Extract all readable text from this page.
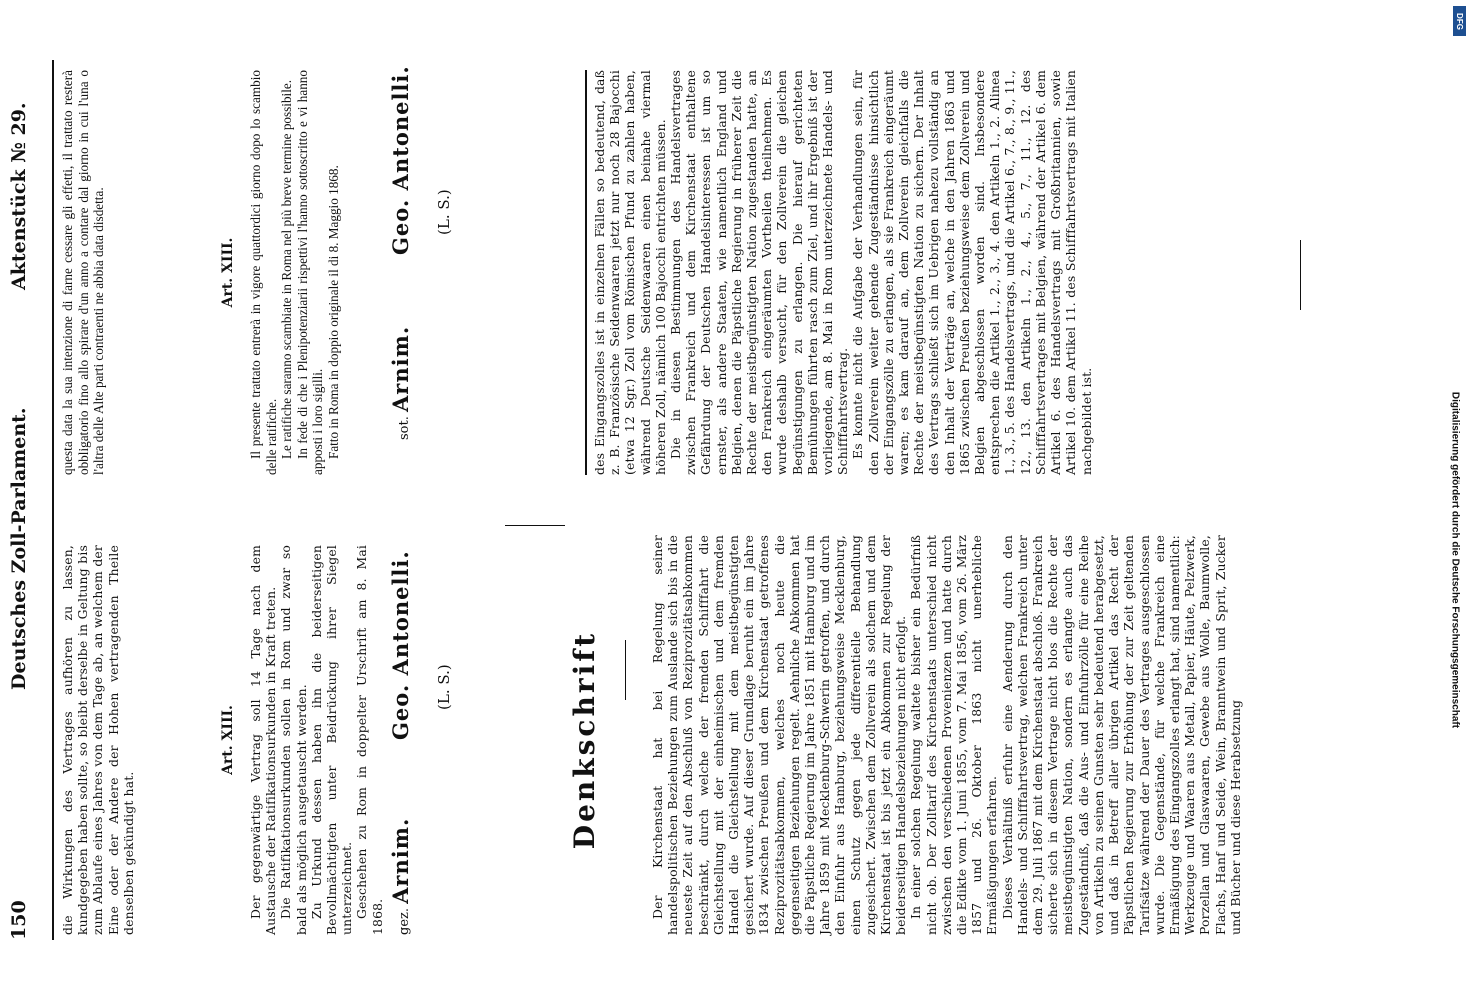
150
Deutsches Zoll-Parlament.
Aktenstück № 29.

die Wirkungen des Vertrages aufhören zu lassen, kundgegeben haben sollte, so bleibt derselbe in Geltung bis zum Ablaufe eines Jahres von dem Tage ab, an welchem der Eine oder der Andere der Hohen vertragenden Theile denselben gekündigt hat.

Art. XIII. Der gegenwärtige Vertrag soll 14 Tage nach dem Austausche der Ratifikationsurkunden in Kraft treten. Die Ratifikationsurkunden sollen in Rom und zwar so bald als möglich ausgetauscht werden. Zu Urkund dessen haben ihn die beiderseitigen Bevollmächtigten unter Beidrückung ihrer Siegel unterzeichnet. Geschehen zu Rom in doppelter Urschrift am 8. Mai 1868. gez. Arnim.
Geo. Antonelli. (L. S.)

questa data la sua intenzione di farne cessare gli effetti, il trattato resterà obbligatorio fino allo spirare d'un anno a contare dal giorno in cui l'una o l'altra delle Alte parti contraenti ne abbia data disdetta.	Art. XIII. Il presente trattato entrerà in vigore quattordici giorno dopo lo scambio delle ratifiche. Le ratifiche saranno scambiate in Roma nel più breve termine possibile. In fede di che i Plenipotenziarii rispettivi l'hanno sottoscritto e vi hanno apposti i loro sigilli. Fatto in Roma in doppio originale il di 8. Maggio 1868.	sot. Arnim.
Geo. Antonelli. (L. S.)
Denkschrift	Der Kirchenstaat hat bei Regelung seiner handelspolitischen Beziehungen zum Auslande sich bis in die neueste Zeit auf den Abschluß von Reziprozitätsabkommen beschränkt, durch welche der fremden Schifffahrt die Gleichstellung mit der einheimischen und dem fremden Handel die Gleichstellung mit dem meistbegünstigten gesichert wurde. Auf dieser Grundlage beruht ein im Jahre 1834 zwischen Preußen und dem Kirchenstaat getroffenes Reziprozitätsabkommen, welches noch heute die gegenseitigen Beziehungen regelt. Aehnliche Abkommen hat die Päpstliche Regierung im Jahre 1851 mit Hamburg und im Jahre 1859 mit Mecklenburg-Schwerin getroffen, und durch den Einfuhr aus Hamburg, beziehungsweise Mecklenburg, einen Schutz gegen jede differentielle Behandlung zugesichert. Zwischen dem Zollverein als solchem und dem Kirchenstaat ist bis jetzt ein Abkommen zur Regelung der beiderseitigen Handelsbeziehungen nicht erfolgt. In einer solchen Regelung waltete bisher ein Bedürfniß nicht ob. Der Zolltarif des Kirchenstaats unterschied nicht zwischen den verschiedenen Provenienzen und hatte durch die Edikte vom 1. Juni 1855, vom 7. Mai 1856, vom 26. März 1857 und 26. Oktober 1863 nicht unerhebliche Ermäßigungen erfahren. Dieses Verhältniß erfuhr eine Aenderung durch den Handels- und Schifffahrtsvertrag, welchen Frankreich unter dem 29. Juli 1867 mit dem Kirchenstaat abschloß. Frankreich sicherte sich in diesem Vertrage nicht blos die Rechte der meistbegünstigten Nation, sondern es erlangte auch das Zugeständniß, daß die Aus- und Einfuhrzölle für eine Reihe von Artikeln zu seinen Gunsten sehr bedeutend herabgesetzt, und daß in Betreff aller übrigen Artikel das Recht der Päpstlichen Regierung zur Erhöhung der zur Zeit geltenden Tarifsätze während der Dauer des Vertrages ausgeschlossen wurde. Die Gegenstände, für welche Frankreich eine Ermäßigung des Eingangszolles erlangt hat, sind namentlich: Werkzeuge und Waaren aus Metall, Papier, Häute, Pelzwerk, Porzellan und Glaswaaren, Gewebe aus Wolle, Baumwolle, Flachs, Hanf und Seide, Wein, Branntwein und Sprit, Zucker und Bücher und diese Herabsetzung

des Eingangszolles ist in einzelnen Fällen so bedeutend, daß z. B. Französische Seidenwaaren jetzt nur noch 28 Bajocchi (etwa 12 Sgr.) Zoll vom Römischen Pfund zu zahlen haben, während Deutsche Seidenwaaren einen beinahe viermal höheren Zoll, nämlich 100 Bajocchi entrichten müssen. Die in diesen Bestimmungen des Handelsvertrages zwischen Frankreich und dem Kirchenstaat enthaltene Gefährdung der Deutschen Handelsinteressen ist um so ernster, als andere Staaten, wie namentlich England und Belgien, denen die Päpstliche Regierung in früherer Zeit die Rechte der meistbegünstigten Nation zugestanden hatte, an den Frankreich eingeräumten Vortheilen theilnehmen. Es wurde deshalb versucht, für den Zollverein die gleichen Begünstigungen zu erlangen. Die hierauf gerichteten Bemühungen führten rasch zum Ziel, und ihr Ergebniß ist der vorliegende, am 8. Mai in Rom unterzeichnete Handels- und Schifffahrtsvertrag. Es konnte nicht die Aufgabe der Verhandlungen sein, für den Zollverein weiter gehende Zugeständnisse hinsichtlich der Eingangszölle zu erlangen, als sie Frankreich eingeräumt waren; es kam darauf an, dem Zollverein gleichfalls die Rechte der meistbegünstigten Nation zu sichern. Der Inhalt des Vertrags schließt sich im Uebrigen nahezu vollständig an den Inhalt der Verträge an, welche in den Jahren 1863 und 1865 zwischen Preußen beziehungsweise dem Zollverein und Belgien abgeschlossen worden sind. Insbesondere entsprechen die Artikel 1., 2., 3., 4. den Artikeln 1., 2. Alinea 1., 3., 5. des Handelsvertrags, und die Artikel 6., 7., 8., 9., 11., 12., 13. den Artikeln 1., 2., 4., 5., 7., 11., 12. des Schifffahrtsvertrages mit Belgien, während der Artikel 6. dem Artikel 6. des Handelsvertrags mit Großbritannien, sowie Artikel 10. dem Artikel 11. des Schifffahrtsvertrags mit Italien nachgebildet ist.

DFG
Digitalisierung gefördert durch die Deutsche Forschungsgemeinschaft
